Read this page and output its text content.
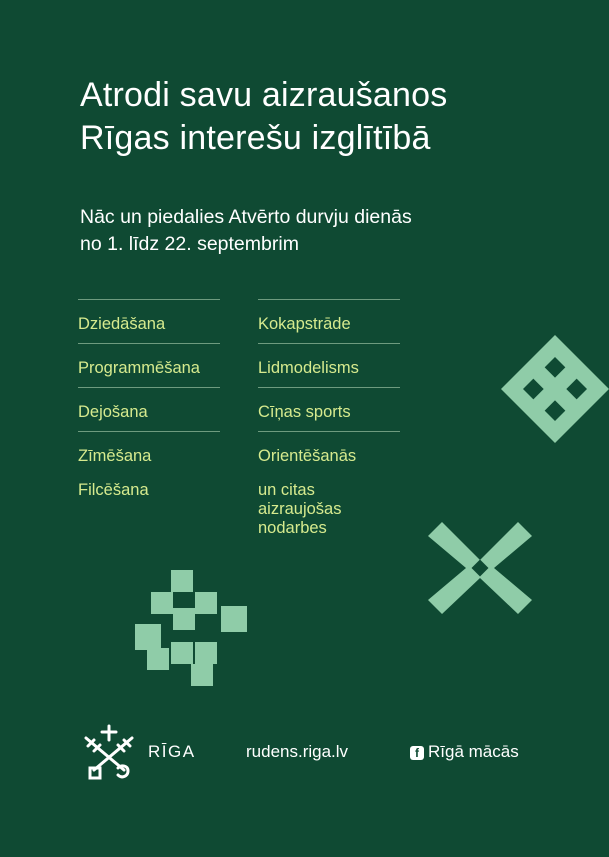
Atrodi savu aizraušanos
Rīgas interešu izglītībā

Nāc un piedalies Atvērto durvju dienās
no 1. līdz 22. septembrim

Dziedāšana	Kokapstrāde
Programmēšana	Lidmodelisms
Dejošana	Cīņas sports
Zīmēšana	Orientēšanās
Filcēšana	un citas aizraujošas nodarbes
RĪGA	rudens.riga.lv	f Rīgā mācās
